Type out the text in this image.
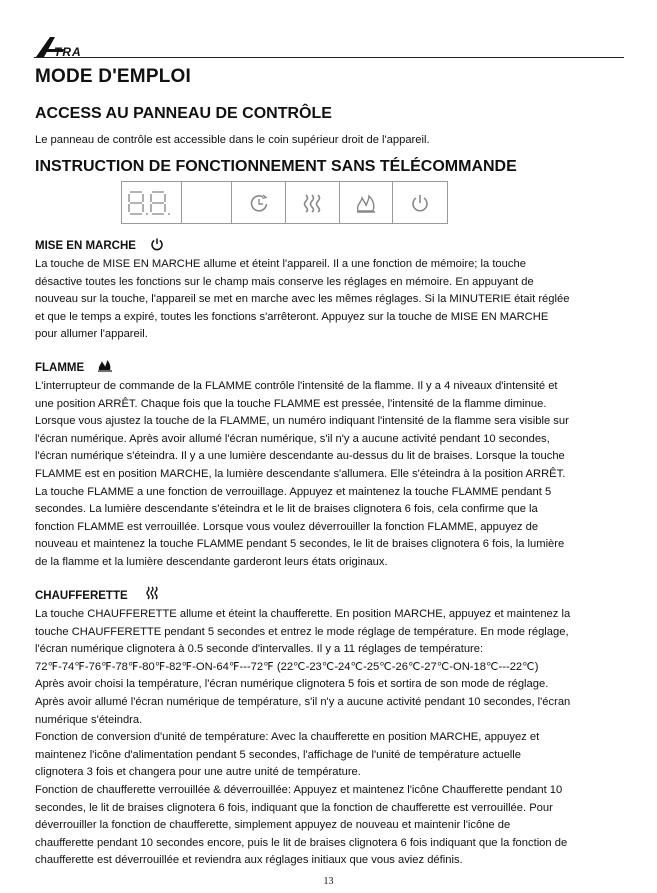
TRA
MODE D'EMPLOI
ACCESS AU PANNEAU DE CONTRÔLE

Le panneau de contrôle est accessible dans le coin supérieur droit de l'appareil.

INSTRUCTION DE FONCTIONNEMENT SANS TÉLÉCOMMANDE
MISE EN MARCHE

La touche de MISE EN MARCHE allume et éteint l'appareil. Il a une fonction de mémoire; la touche
désactive toutes les fonctions sur le champ mais conserve les réglages en mémoire. En appuyant de
nouveau sur la touche, l'appareil se met en marche avec les mêmes réglages. Si la MINUTERIE était réglée
et que le temps a expiré, toutes les fonctions s'arrêteront. Appuyez sur la touche de MISE EN MARCHE
pour allumer l'appareil.

FLAMME

L'interrupteur de commande de la FLAMME contrôle l'intensité de la flamme. Il y a 4 niveaux d'intensité et
une position ARRÊT. Chaque fois que la touche FLAMME est pressée, l'intensité de la flamme diminue.
Lorsque vous ajustez la touche de la FLAMME, un numéro indiquant l'intensité de la flamme sera visible sur
l'écran numérique. Après avoir allumé l'écran numérique, s'il n'y a aucune activité pendant 10 secondes,
l'écran numérique s'éteindra. Il y a une lumière descendante au-dessus du lit de braises. Lorsque la touche
FLAMME est en position MARCHE, la lumière descendante s'allumera. Elle s'éteindra à la position ARRÊT.
La touche FLAMME a une fonction de verrouillage. Appuyez et maintenez la touche FLAMME pendant 5
secondes. La lumière descendante s'éteindra et le lit de braises clignotera 6 fois, cela confirme que la
fonction FLAMME est verrouillée. Lorsque vous voulez déverrouiller la fonction FLAMME, appuyez de
nouveau et maintenez la touche FLAMME pendant 5 secondes, le lit de braises clignotera 6 fois, la lumière
de la flamme et la lumière descendante garderont leurs états originaux.

CHAUFFERETTE

La touche CHAUFFERETTE allume et éteint la chaufferette. En position MARCHE, appuyez et maintenez la
touche CHAUFFERETTE pendant 5 secondes et entrez le mode réglage de température. En mode réglage,
l'écran numérique clignotera à 0.5 seconde d'intervalles. Il y a 11 réglages de température:
72℉-74℉-76℉-78℉-80℉-82℉-ON-64℉---72℉ (22℃-23℃-24℃-25℃-26℃-27℃-ON-18℃---22℃)
Après avoir choisi la température, l'écran numérique clignotera 5 fois et sortira de son mode de réglage.
Après avoir allumé l'écran numérique de température, s'il n'y a aucune activité pendant 10 secondes, l'écran
numérique s'éteindra.
Fonction de conversion d'unité de température: Avec la chaufferette en position MARCHE, appuyez et
maintenez l'icône d'alimentation pendant 5 secondes, l'affichage de l'unité de température actuelle
clignotera 3 fois et changera pour une autre unité de température.
Fonction de chaufferette verrouillée & déverrouillée: Appuyez et maintenez l'icône Chaufferette pendant 10
secondes, le lit de braises clignotera 6 fois, indiquant que la fonction de chaufferette est verrouillée. Pour
déverrouiller la fonction de chaufferette, simplement appuyez de nouveau et maintenir l'icône de
chaufferette pendant 10 secondes encore, puis le lit de braises clignotera 6 fois indiquant que la fonction de
chaufferette est déverrouillée et reviendra aux réglages initiaux que vous aviez définis.

13
